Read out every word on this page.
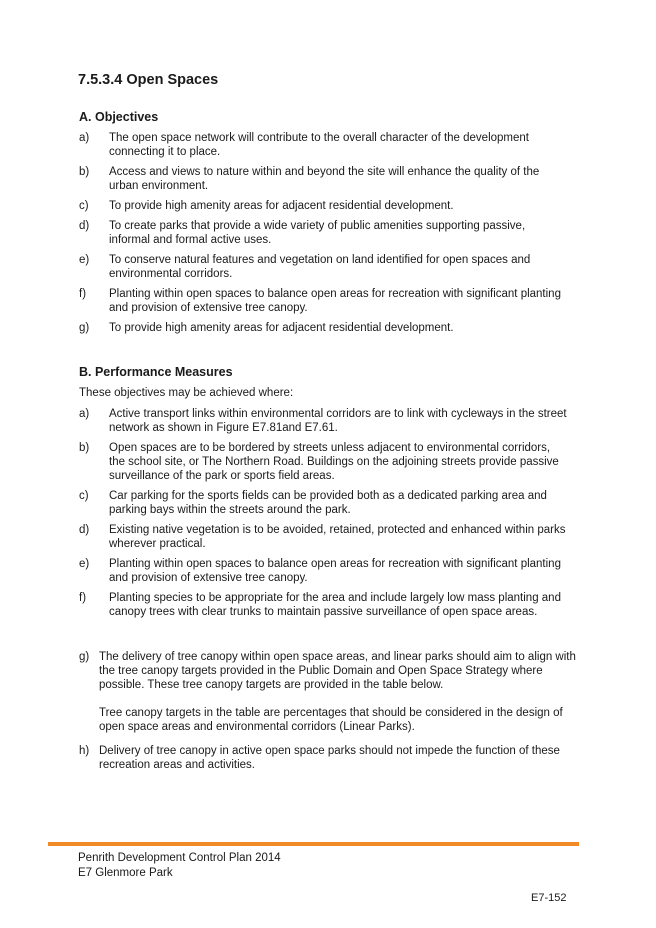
7.5.3.4 Open Spaces
A. Objectives
a) The open space network will contribute to the overall character of the development connecting it to place.
b) Access and views to nature within and beyond the site will enhance the quality of the urban environment.
c) To provide high amenity areas for adjacent residential development.
d) To create parks that provide a wide variety of public amenities supporting passive, informal and formal active uses.
e) To conserve natural features and vegetation on land identified for open spaces and environmental corridors.
f) Planting within open spaces to balance open areas for recreation with significant planting and provision of extensive tree canopy.
g) To provide high amenity areas for adjacent residential development.
B. Performance Measures
These objectives may be achieved where:
a) Active transport links within environmental corridors are to link with cycleways in the street network as shown in Figure E7.81and E7.61.
b) Open spaces are to be bordered by streets unless adjacent to environmental corridors, the school site, or The Northern Road. Buildings on the adjoining streets provide passive surveillance of the park or sports field areas.
c) Car parking for the sports fields can be provided both as a dedicated parking area and parking bays within the streets around the park.
d) Existing native vegetation is to be avoided, retained, protected and enhanced within parks wherever practical.
e) Planting within open spaces to balance open areas for recreation with significant planting and provision of extensive tree canopy.
f) Planting species to be appropriate for the area and include largely low mass planting and canopy trees with clear trunks to maintain passive surveillance of open space areas.
g) The delivery of tree canopy within open space areas, and linear parks should aim to align with the tree canopy targets provided in the Public Domain and Open Space Strategy where possible. These tree canopy targets are provided in the table below.
Tree canopy targets in the table are percentages that should be considered in the design of open space areas and environmental corridors (Linear Parks).
h) Delivery of tree canopy in active open space parks should not impede the function of these recreation areas and activities.
Penrith Development Control Plan 2014
E7 Glenmore Park
E7-152
